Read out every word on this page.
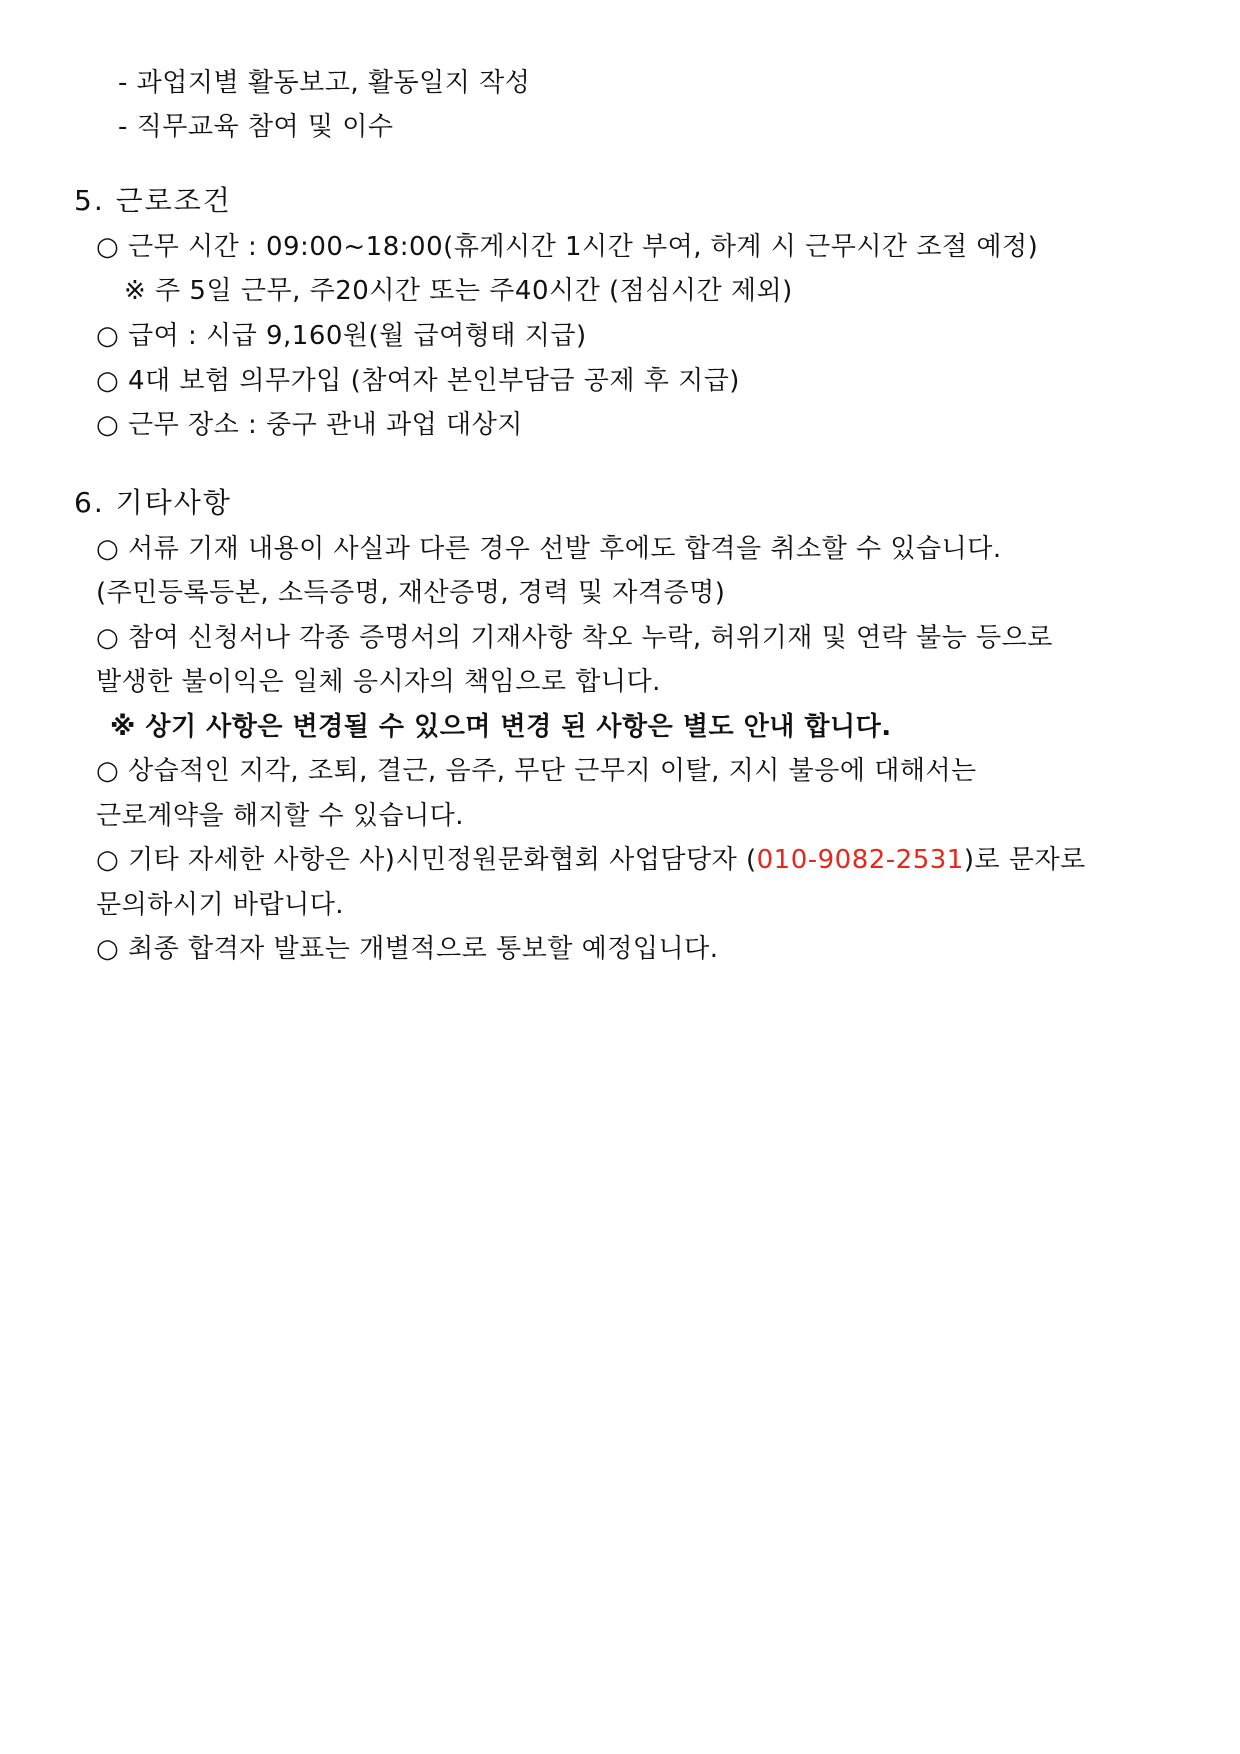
- 과업지별 활동보고, 활동일지 작성
- 직무교육 참여 및 이수
5. 근로조건
○ 근무 시간 : 09:00~18:00(휴게시간 1시간 부여, 하계 시 근무시간 조절 예정)
※ 주 5일 근무, 주20시간 또는 주40시간 (점심시간 제외)
○ 급여 : 시급 9,160원(월 급여형태 지급)
○ 4대 보험 의무가입 (참여자 본인부담금 공제 후 지급)
○ 근무 장소 : 중구 관내 과업 대상지
6. 기타사항
○ 서류 기재 내용이 사실과 다른 경우 선발 후에도 합격을 취소할 수 있습니다.
(주민등록등본, 소득증명, 재산증명, 경력 및 자격증명)
○ 참여 신청서나 각종 증명서의 기재사항 착오 누락, 허위기재 및 연락 불능 등으로
발생한 불이익은 일체 응시자의 책임으로 합니다.
※ 상기 사항은 변경될 수 있으며 변경 된 사항은 별도 안내 합니다.
○ 상습적인 지각, 조퇴, 결근, 음주, 무단 근무지 이탈, 지시 불응에 대해서는
근로계약을 해지할 수 있습니다.
○ 기타 자세한 사항은 사)시민정원문화협회 사업담당자 (010-9082-2531)로 문자로
문의하시기 바랍니다.
○ 최종 합격자 발표는 개별적으로 통보할 예정입니다.
